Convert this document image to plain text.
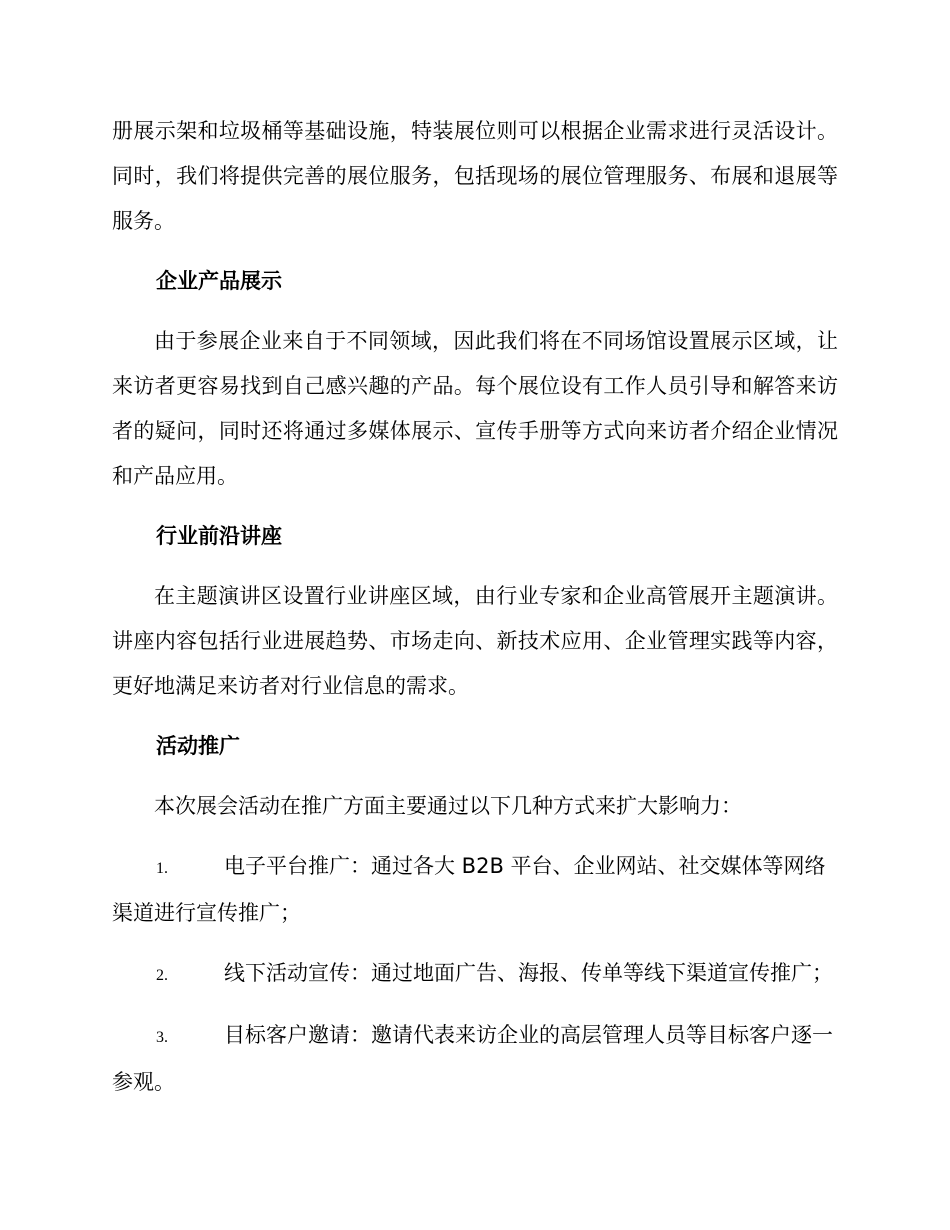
册展示架和垃圾桶等基础设施，特装展位则可以根据企业需求进行灵活设计。同时，我们将提供完善的展位服务，包括现场的展位管理服务、布展和退展等服务。

企业产品展示

由于参展企业来自于不同领域，因此我们将在不同场馆设置展示区域，让来访者更容易找到自己感兴趣的产品。每个展位设有工作人员引导和解答来访者的疑问，同时还将通过多媒体展示、宣传手册等方式向来访者介绍企业情况和产品应用。

行业前沿讲座

在主题演讲区设置行业讲座区域，由行业专家和企业高管展开主题演讲。讲座内容包括行业进展趋势、市场走向、新技术应用、企业管理实践等内容，更好地满足来访者对行业信息的需求。

活动推广

本次展会活动在推广方面主要通过以下几种方式来扩大影响力：

1.	电子平台推广：通过各大 B2B 平台、企业网站、社交媒体等网络渠道进行宣传推广；

2.	线下活动宣传：通过地面广告、海报、传单等线下渠道宣传推广；

3.	目标客户邀请：邀请代表来访企业的高层管理人员等目标客户逐一参观。
